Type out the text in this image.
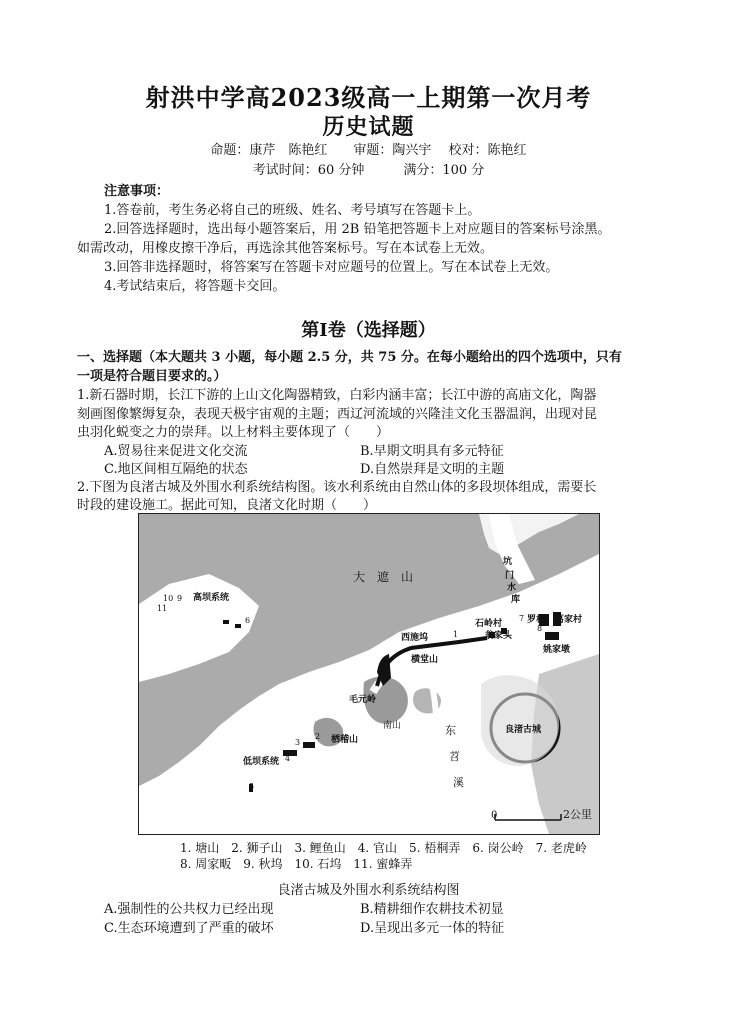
射洪中学高2023级高一上期第一次月考
历史试题
命题：康芹　陈艳红　　审题：陶兴宇　 校对：陈艳红
考试时间：60 分钟　　　满分：100 分
注意事项：
1.答卷前，考生务必将自己的班级、姓名、考号填写在答题卡上。
2.回答选择题时，选出每小题答案后，用 2B 铅笔把答题卡上对应题目的答案标号涂黑。
如需改动，用橡皮擦干净后，再选涂其他答案标号。写在本试卷上无效。
3.回答非选择题时，将答案写在答题卡对应题号的位置上。写在本试卷上无效。
4.考试结束后，将答题卡交回。
第Ⅰ卷（选择题）
一、选择题（本大题共 3 小题，每小题 2.5 分，共 75 分。在每小题给出的四个选项中，只有
一项是符合题目要求的。）
1.新石器时期，长江下游的上山文化陶器精致，白彩内涵丰富；长江中游的高庙文化，陶器
刻画图像繁缛复杂，表现天极宇宙观的主题；西辽河流域的兴隆洼文化玉器温润，出现对昆
虫羽化蜕变之力的崇拜。以上材料主要体现了（　　）
A.贸易往来促进文化交流	B.早期文明具有多元特征
C.地区间相互隔绝的状态	D.自然崇拜是文明的主题
2.下图为良渚古城及外围水利系统结构图。该水利系统由自然山体的多段坝体组成，需要长
时段的建设施工。据此可知，良渚文化时期（　　）
大　遮　山
高坝系统
低坝系统
坑
门
水
库
石岭村	罗村 葛家村
西施坞
横堂山
翁家头
姚家墩
毛元岭
南山
栖稽山
东
苕
溪
良渚古城
0	2公里
1
2
3
4
5
6	7
8
9
10
11
1. 塘山　2. 狮子山　3. 鲤鱼山　4. 官山　5. 梧桐弄　6. 岗公岭　7. 老虎岭
8. 周家畈　9. 秋坞　10. 石坞　11. 蜜蜂弄
良渚古城及外围水利系统结构图
A.强制性的公共权力已经出现	B.精耕细作农耕技术初显
C.生态环境遭到了严重的破坏	D.呈现出多元一体的特征
